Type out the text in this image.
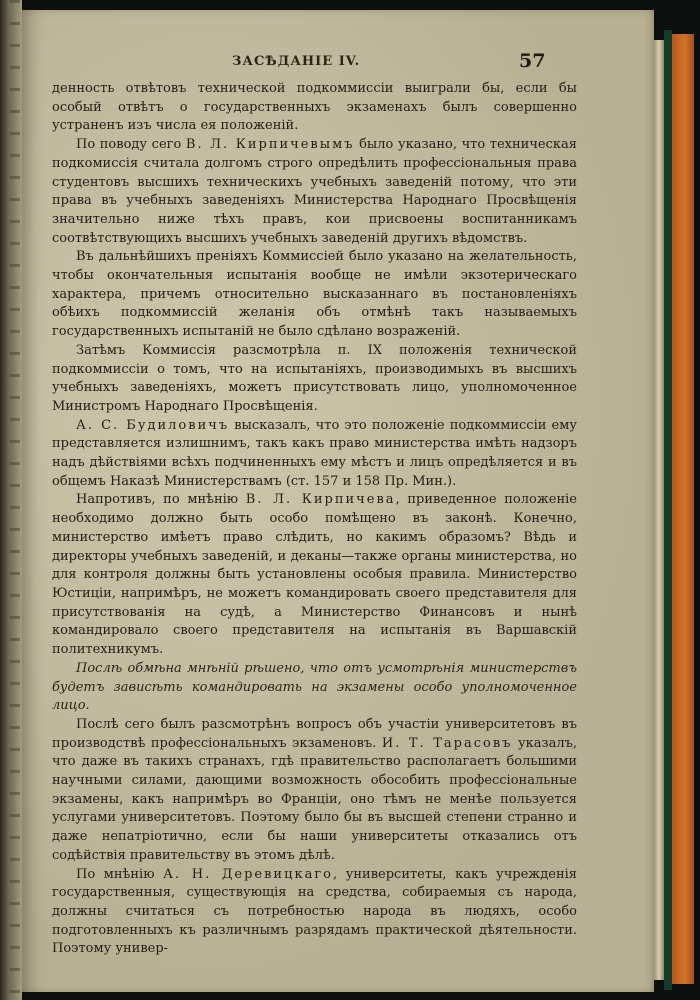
ЗАСѢДАНІЕ IV.	57

денность отвѣтовъ технической подкоммиссіи выиграли бы, если бы особый отвѣтъ о государственныхъ экзаменахъ былъ совершенно устраненъ изъ числа ея положеній.

По поводу сего В. Л. Кирпичевымъ было указано, что техническая подкомиссія считала долгомъ строго опредѣлить профессіональныя права студентовъ высшихъ техническихъ учебныхъ заведеній потому, что эти права въ учебныхъ заведеніяхъ Министерства Народнаго Просвѣщенія значительно ниже тѣхъ правъ, кои присвоены воспитанникамъ соотвѣтствующихъ высшихъ учебныхъ заведеній другихъ вѣдомствъ.

Въ дальнѣйшихъ преніяхъ Коммиссіей было указано на желательность, чтобы окончательныя испытанія вообще не имѣли экзотерическаго характера, причемъ относительно высказаннаго въ постановленіяхъ обѣихъ подкоммиссій желанія объ отмѣнѣ такъ называемыхъ государственныхъ испытаній не было сдѣлано возраженій.

Затѣмъ Коммиссія разсмотрѣла п. IX положенія технической подкоммиссіи о томъ, что на испытаніяхъ, производимыхъ въ высшихъ учебныхъ заведеніяхъ, можетъ присутствовать лицо, уполномоченное Министромъ Народнаго Просвѣщенія.

А. С. Будиловичъ высказалъ, что это положеніе подкоммиссіи ему представляется излишнимъ, такъ какъ право министерства имѣть надзоръ надъ дѣйствіями всѣхъ подчиненныхъ ему мѣстъ и лицъ опредѣляется и въ общемъ Наказѣ Министерствамъ (ст. 157 и 158 Пр. Мин.).

Напротивъ, по мнѣнію В. Л. Кирпичева, приведенное положеніе необходимо должно быть особо помѣщено въ законѣ. Конечно, министерство имѣетъ право слѣдить, но какимъ образомъ? Вѣдь и директоры учебныхъ заведеній, и деканы—также органы министерства, но для контроля должны быть установлены особыя правила. Министерство Юстиціи, напримѣръ, не можетъ командировать своего представителя для присутствованія на судѣ, а Министерство Финансовъ и нынѣ командировало своего представителя на испытанія въ Варшавскій политехникумъ.

Послѣ обмѣна мнѣній рѣшено, что отъ усмотрѣнія министерствъ будетъ зависѣть командировать на экзамены особо уполномоченное лицо.

Послѣ сего былъ разсмотрѣнъ вопросъ объ участіи университетовъ въ производствѣ профессіональныхъ экзаменовъ. И. Т. Тарасовъ указалъ, что даже въ такихъ странахъ, гдѣ правительство располагаетъ большими научными силами, дающими возможность обособить профессіональные экзамены, какъ напримѣръ во Франціи, оно тѣмъ не менѣе пользуется услугами университетовъ. Поэтому было бы въ высшей степени странно и даже непатріотично, если бы наши университеты отказались отъ содѣйствія правительству въ этомъ дѣлѣ.

По мнѣнію А. Н. Деревицкаго, университеты, какъ учрежденія государственныя, существующія на средства, собираемыя съ народа, должны считаться съ потребностью народа въ людяхъ, особо подготовленныхъ къ различнымъ разрядамъ практической дѣятельности. Поэтому универ-
